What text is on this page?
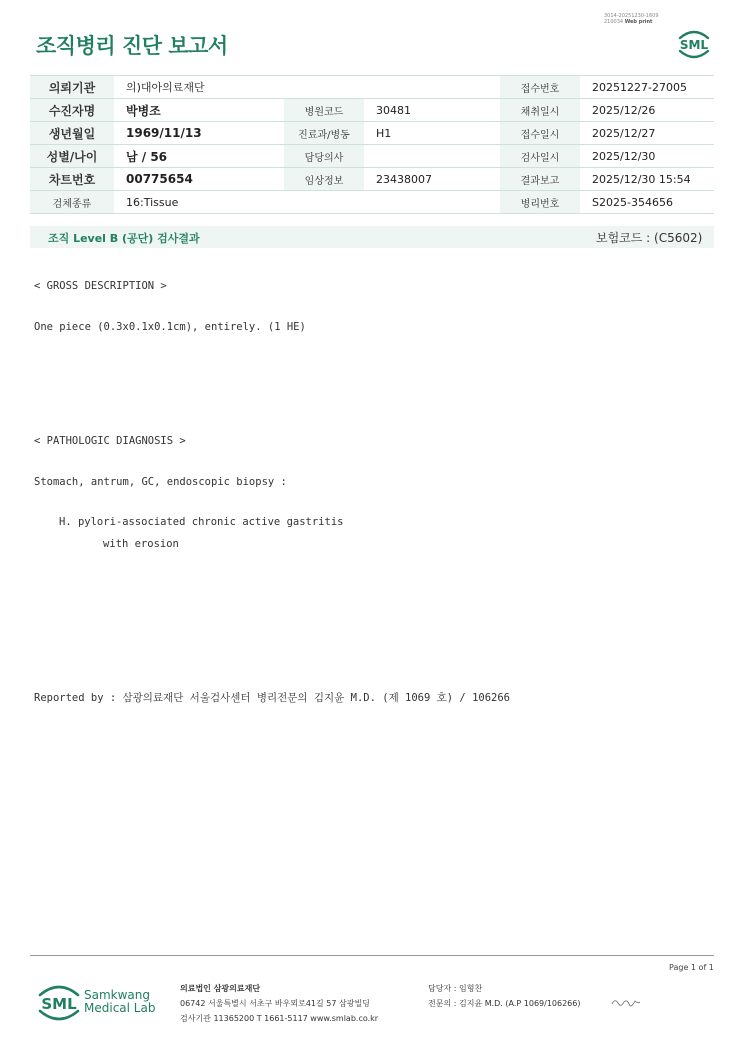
조직병리 진단 보고서
3014-20251230-1609
210034 Web print
SML
의뢰기관	의)대아의료재단			접수번호	20251227-27005
수진자명	박병조	병원코드	30481	채취일시	2025/12/26
생년월일	1969/11/13	진료과/병동	H1	접수일시	2025/12/27
성별/나이	남 / 56	담당의사		검사일시	2025/12/30
차트번호	00775654	임상정보	23438007	결과보고	2025/12/30 15:54
검체종류	16:Tissue			병리번호	S2025-354656
조직 Level B (공단) 검사결과	보험코드 : (C5602)
< GROSS DESCRIPTION >
One piece (0.3x0.1x0.1cm), entirely. (1 HE)
< PATHOLOGIC DIAGNOSIS >
Stomach, antrum, GC, endoscopic biopsy :
H. pylori-associated chronic active gastritis
with erosion
Reported by : 삼광의료재단 서울검사센터 병리전문의 김지윤 M.D. (제 1069 호) / 106266
Page 1 of 1
SML Samkwang
Medical Lab
의료법인 삼광의료재단
06742 서울특별시 서초구 바우뫼로41길 57 삼광빌딩
검사기관 11365200 T 1661-5117 www.smlab.co.kr
담당자 : 임형찬
전문의 : 김지윤 M.D. (A.P 1069/106266)
